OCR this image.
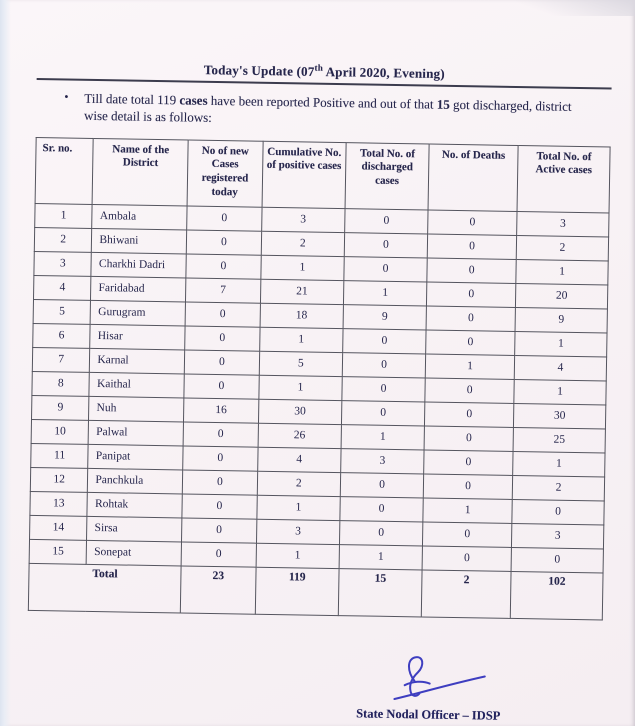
Today's Update (07th April 2020, Evening)
•	Till date total 119 cases have been reported Positive and out of that 15 got discharged, district wise detail is as follows:
Sr. no.	Name of the District	No of new Cases registered today	Cumulative No. of positive cases	Total No. of discharged cases	No. of Deaths	Total No. of Active cases
1	Ambala	0	3	0	0	3
2	Bhiwani	0	2	0	0	2
3	Charkhi Dadri	0	1	0	0	1
4	Faridabad	7	21	1	0	20
5	Gurugram	0	18	9	0	9
6	Hisar	0	1	0	0	1
7	Karnal	0	5	0	1	4
8	Kaithal	0	1	0	0	1
9	Nuh	16	30	0	0	30
10	Palwal	0	26	1	0	25
11	Panipat	0	4	3	0	1
12	Panchkula	0	2	0	0	2
13	Rohtak	0	1	0	1	0
14	Sirsa	0	3	0	0	3
15	Sonepat	0	1	1	0	0
Total		23	119	15	2	102
State Nodal Officer – IDSP
